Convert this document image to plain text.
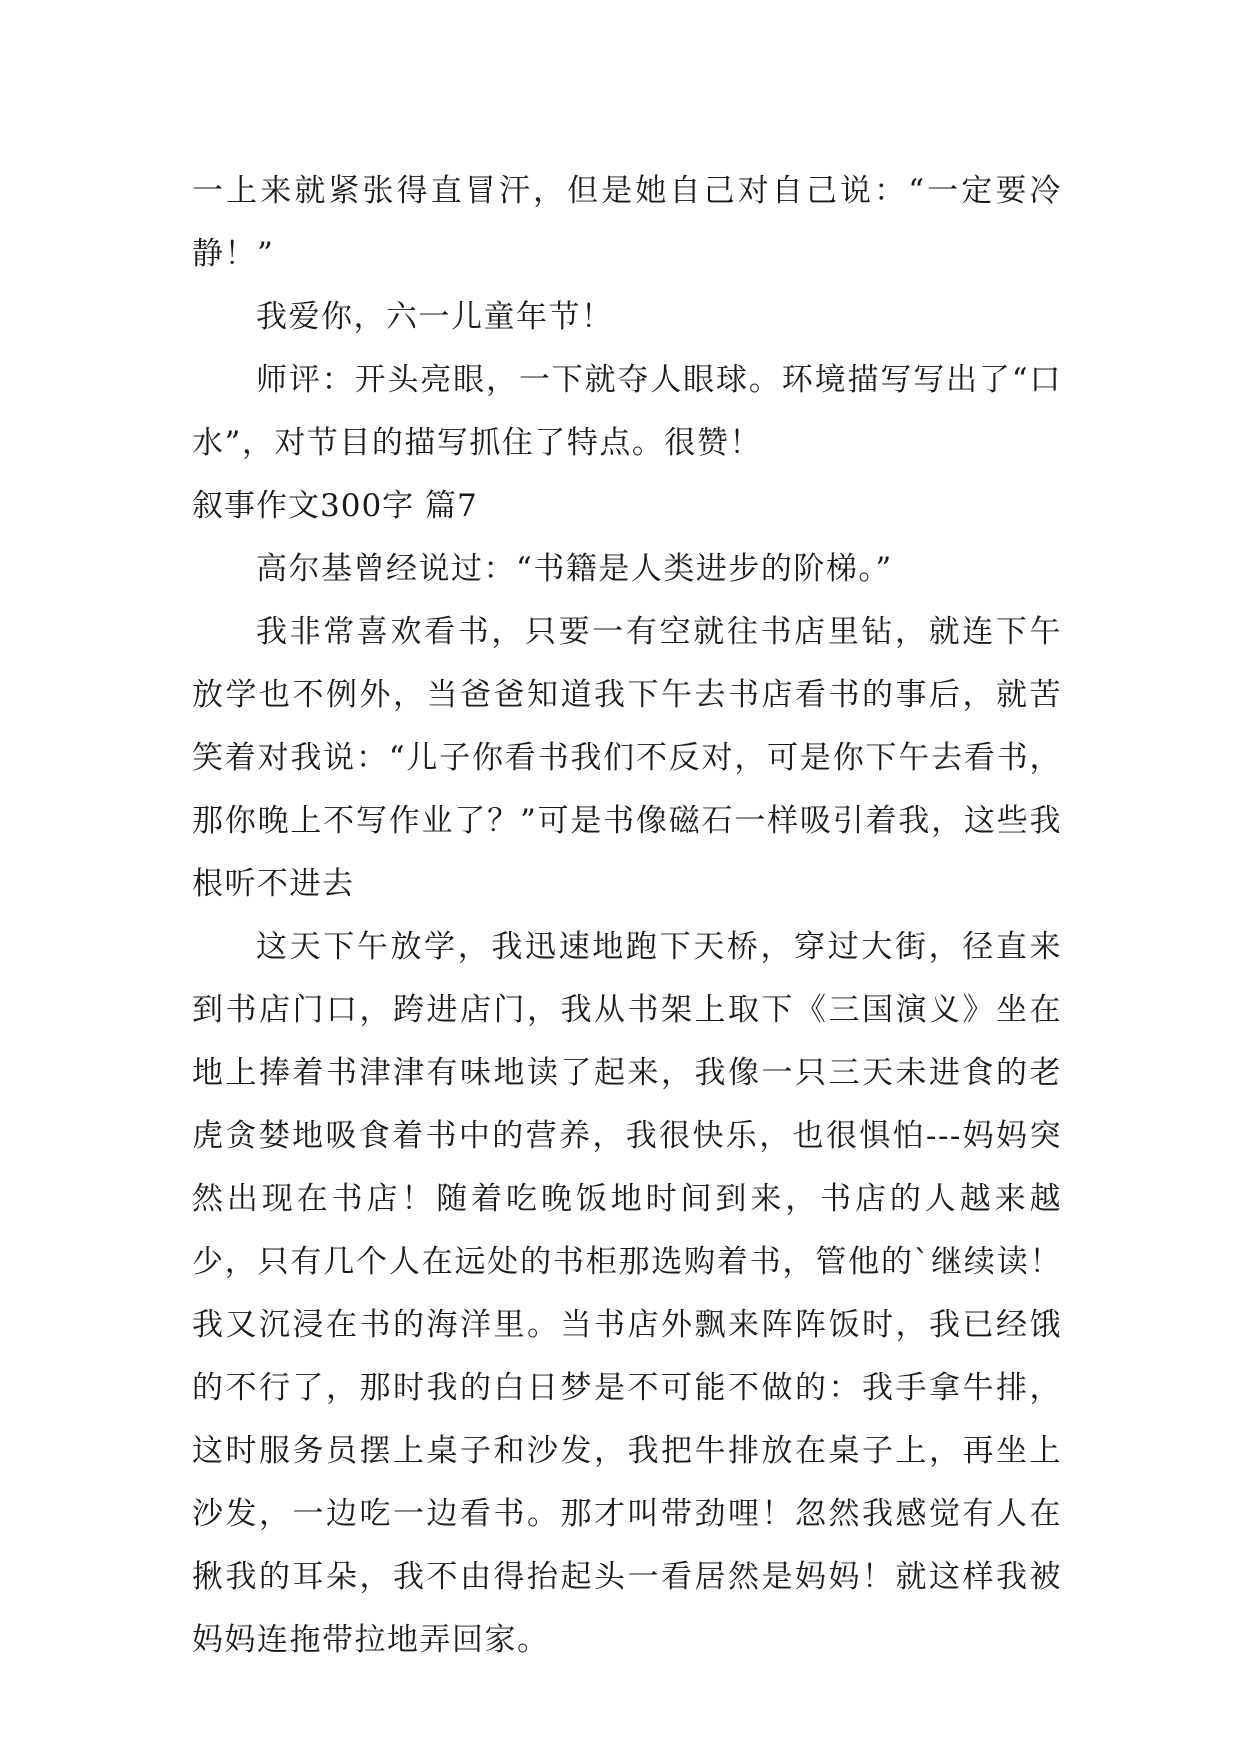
一上来就紧张得直冒汗，但是她自己对自己说：“一定要冷静！”

我爱你，六一儿童年节！

师评：开头亮眼，一下就夺人眼球。环境描写写出了“口水”，对节目的描写抓住了特点。很赞！

叙事作文300字 篇7

高尔基曾经说过：“书籍是人类进步的阶梯。”

我非常喜欢看书，只要一有空就往书店里钻，就连下午放学也不例外，当爸爸知道我下午去书店看书的事后，就苦笑着对我说：“儿子你看书我们不反对，可是你下午去看书，那你晚上不写作业了？”可是书像磁石一样吸引着我，这些我根听不进去

这天下午放学，我迅速地跑下天桥，穿过大街，径直来到书店门口，跨进店门，我从书架上取下《三国演义》坐在地上捧着书津津有味地读了起来，我像一只三天未进食的老虎贪婪地吸食着书中的营养，我很快乐，也很惧怕---妈妈突然出现在书店！随着吃晚饭地时间到来，书店的人越来越少，只有几个人在远处的书柜那选购着书，管他的`继续读！我又沉浸在书的海洋里。当书店外飘来阵阵饭时，我已经饿的不行了，那时我的白日梦是不可能不做的：我手拿牛排，这时服务员摆上桌子和沙发，我把牛排放在桌子上，再坐上沙发，一边吃一边看书。那才叫带劲哩！忽然我感觉有人在揪我的耳朵，我不由得抬起头一看居然是妈妈！就这样我被妈妈连拖带拉地弄回家。
